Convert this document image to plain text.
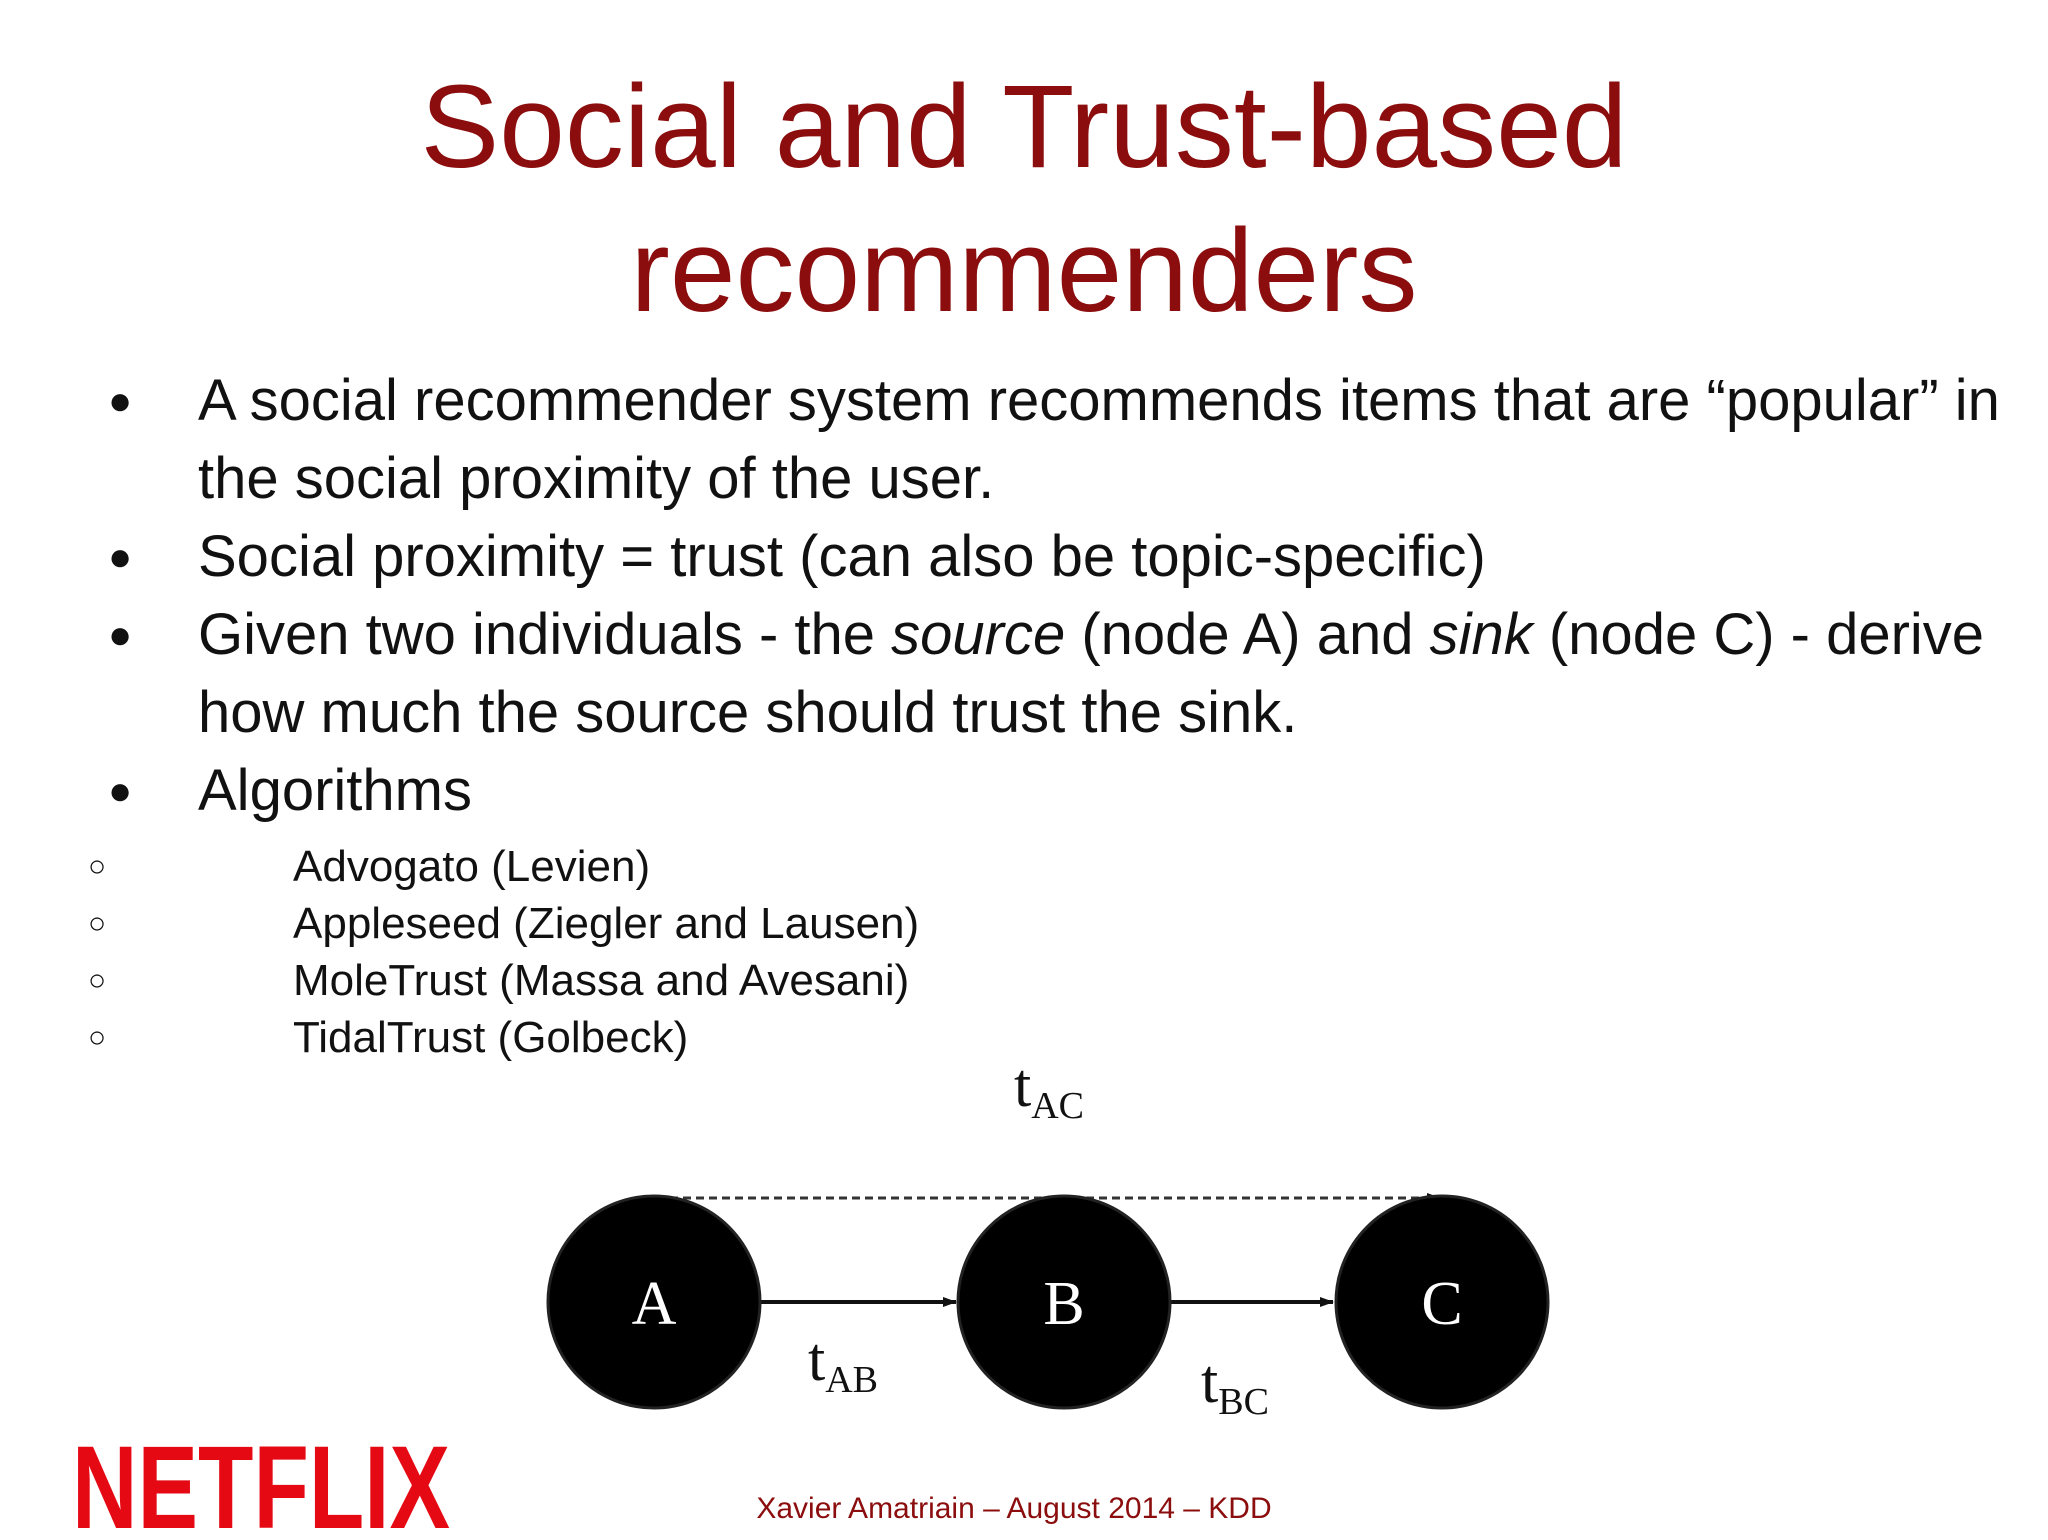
Social and Trust-based
recommenders
● A social recommender system recommends items that are “popular” in the social proximity of the user.
● Social proximity = trust (can also be topic-specific)
● Given two individuals - the source (node A) and sink (node C) - derive how much the source should trust the sink.
● Algorithms
○ Advogato (Levien)
○ Appleseed (Ziegler and Lausen)
○ MoleTrust (Massa and Avesani)
○ TidalTrust (Golbeck)
A	B	C
tAB	tBC
tAC
NETFLIX	Xavier Amatriain – August 2014 – KDD
